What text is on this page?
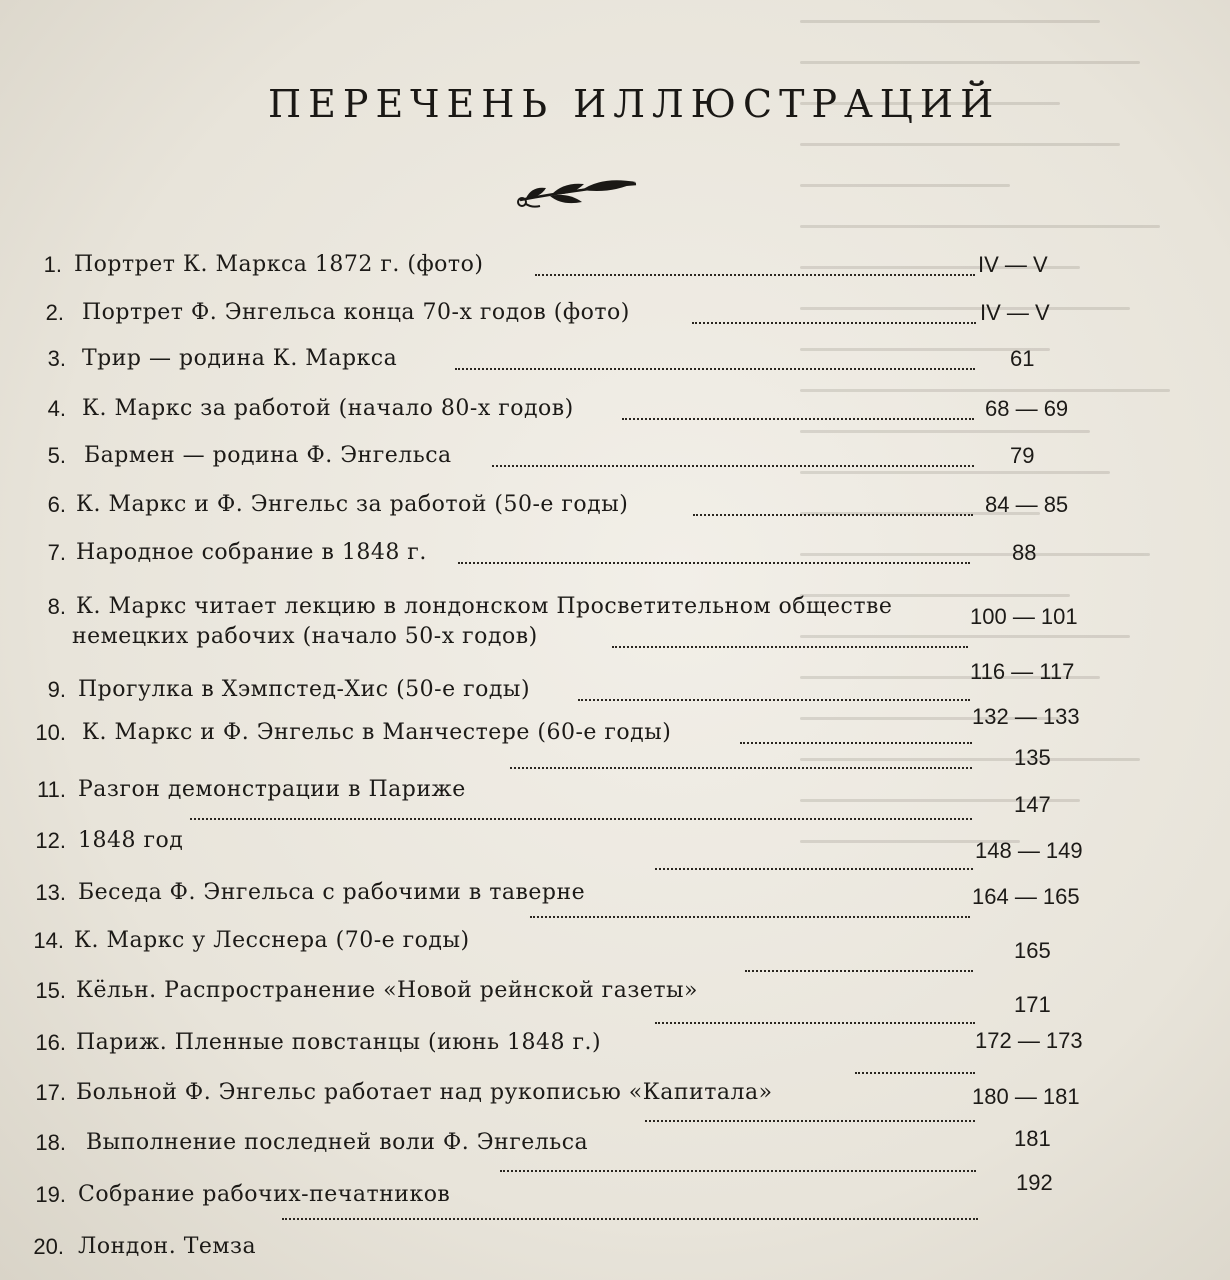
ПЕРЕЧЕНЬ ИЛЛЮСТРАЦИЙ
1. Портрет К. Маркса 1872 г. (фото)	IV — V
2. Портрет Ф. Энгельса конца 70-х годов (фото)	IV — V
3. Трир — родина К. Маркса	61
4. К. Маркс за работой (начало 80-х годов)	68 — 69
5. Бармен — родина Ф. Энгельса	79
6. К. Маркс и Ф. Энгельс за работой (50-е годы)	84 — 85
7. Народное собрание в 1848 г.	88
8. К. Маркс читает лекцию в лондонском Просветительном обществе
немецких рабочих (начало 50-х годов)
100 — 101
9. Прогулка в Хэмпстед-Хис (50-е годы)
116 — 117
10. К. Маркс и Ф. Энгельс в Манчестере (60-е годы)
132 — 133
11. Разгон демонстрации в Париже
135
12. 1848 год
147
13. Беседа Ф. Энгельса с рабочими в таверне
148 — 149
14. К. Маркс у Лесснера (70-е годы)
164 — 165
15. Кёльн. Распространение «Новой рейнской газеты»
165
16. Париж. Пленные повстанцы (июнь 1848 г.)
171
17. Больной Ф. Энгельс работает над рукописью «Капитала»
172 — 173
18. Выполнение последней воли Ф. Энгельса
180 — 181
19. Собрание рабочих-печатников
181
20. Лондон. Темза
192
